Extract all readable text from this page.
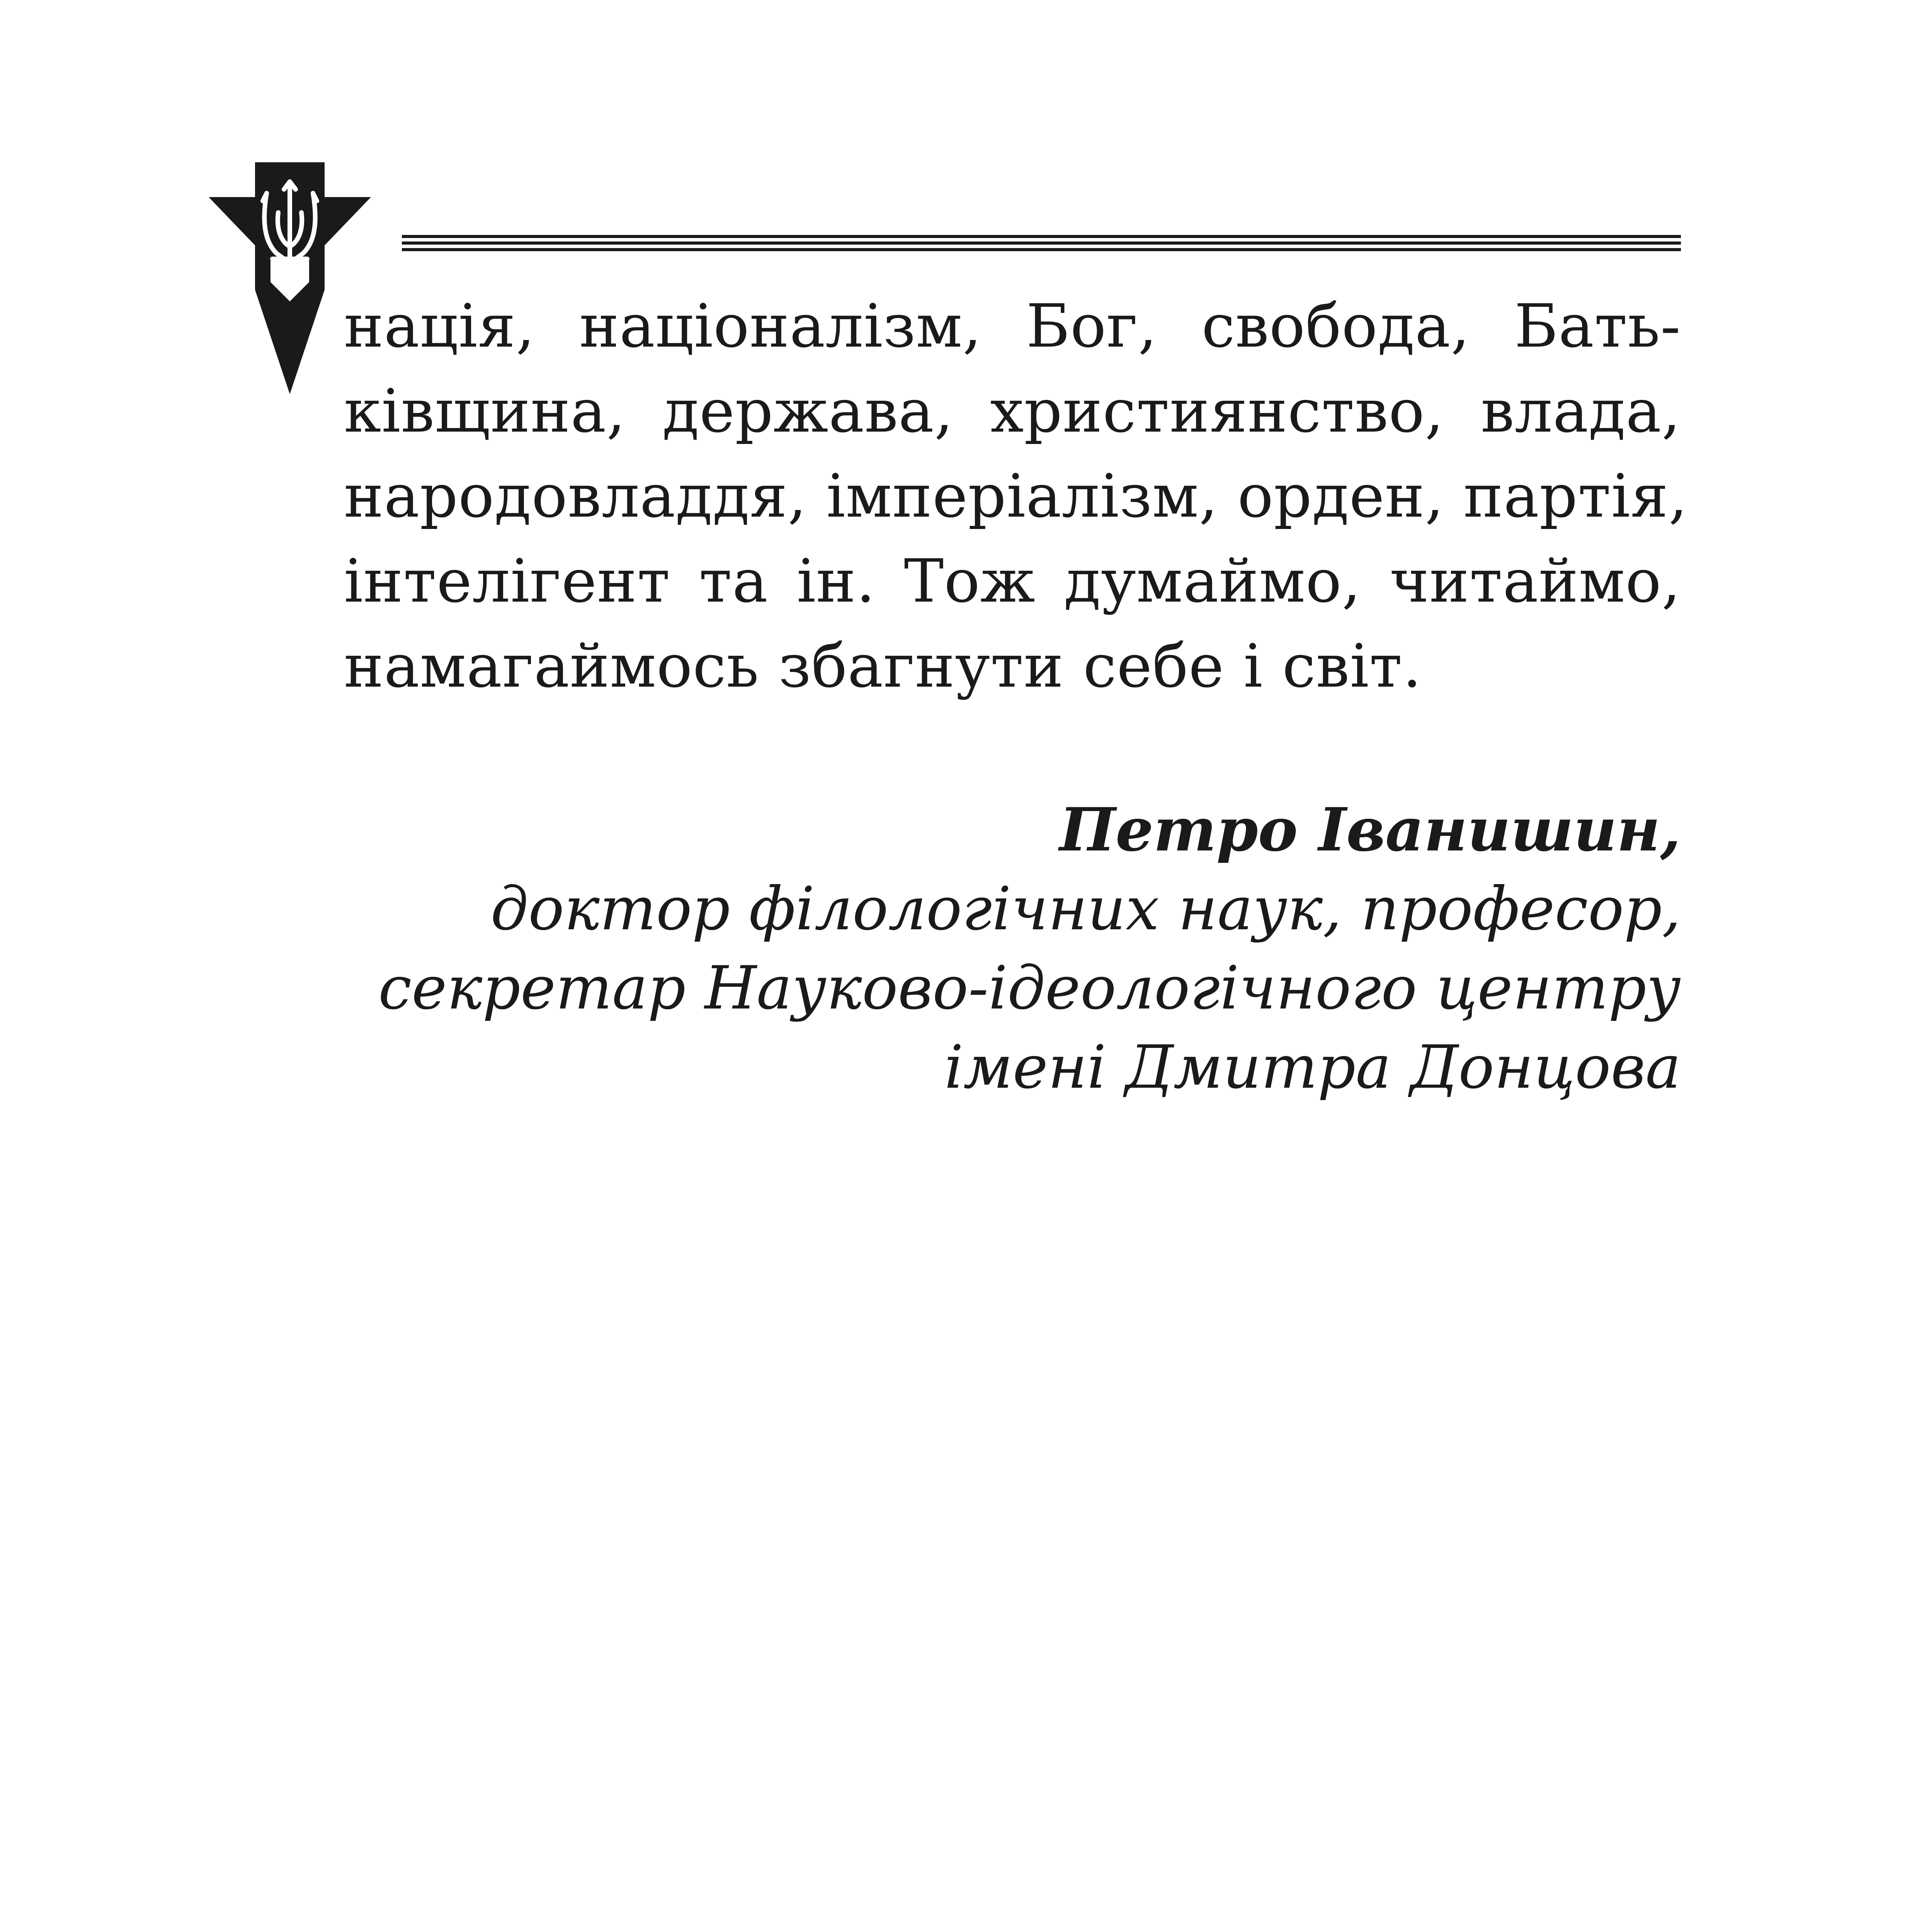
нація, націоналізм, Бог, свобода, Бать-
ківщина, держава, християнство, влада,
народовладдя, імперіалізм, орден, партія,
інтелігент та ін. Тож думаймо, читаймо,
намагаймось збагнути себе і світ.
Петро Іванишин,
доктор філологічних наук, професор,
секретар Науково-ідеологічного центру
імені Дмитра Донцова
